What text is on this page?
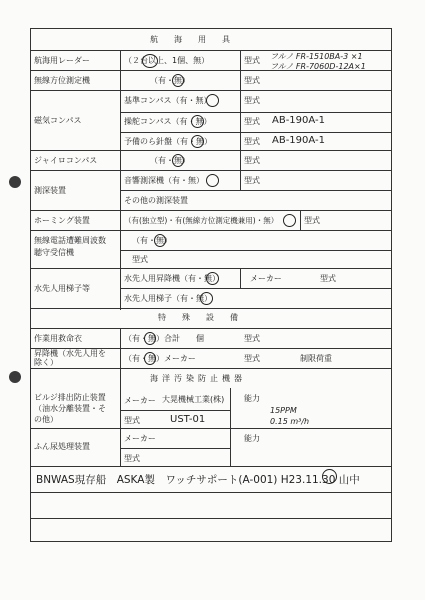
航　海　用　具
航海用レーダー	（２台以上、1個、無）	型式 フルノ FR-1510BA-3 ×1
フルノ FR-7060D-12A×1
無線方位測定機	（有・無）	型式
磁気コンパス
基準コンパス（有・無）	型式
操舵コンパス（有・無）	型式 AB-190A-1
予備のら針盤（有・無）	型式 AB-190A-1
ジャイロコンパス	（有・無）	型式
測深装置
音響測深機（有・無）	型式
その他の測深装置
ホーミング装置	（有(独立型)・有(無線方位測定機兼用)・無）	型式
無線電話遭難周波数
聴守受信機
（有・無）
型式
水先人用梯子等
水先人用昇降機（有・無）	メーカー	型式
水先人用梯子（有・無）
特　殊　設　備
作業用救命衣	（有・無）合計　　個	型式
昇降機（水先人用を
除く）	（有・無）メーカー	型式	制限荷重
海洋汚染防止機器
ビルジ排出防止装置
（油水分離装置・そ
の他）
メーカー 大晃機械工業(株)
型式	UST-01
能力
15PPM
0.15 m³/h
ふん尿処理装置
メーカー	能力
型式
BNWAS現存船　ASKA製　ワッチサポート(A-001) H23.11.30 山中
